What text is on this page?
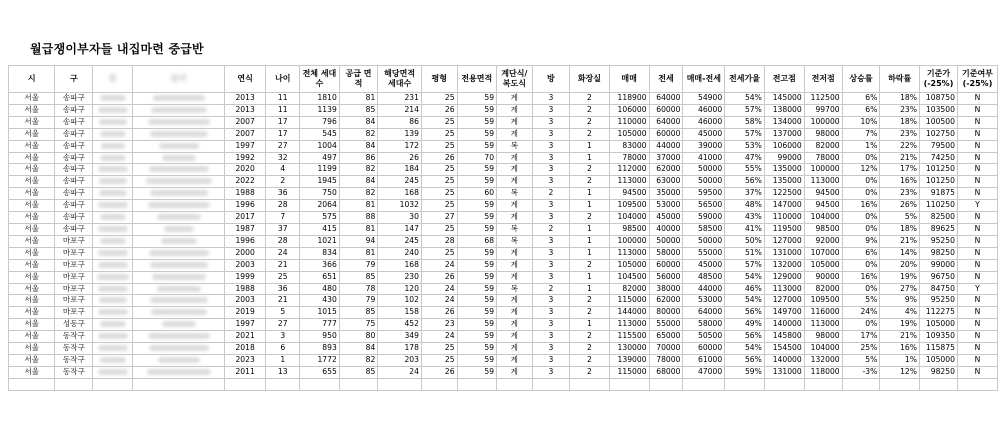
월급쟁이부자들 내집마련 중급반
시	구	동	단지	연식	나이	전체 세대수	공급 면적	해당면적 세대수	평형	전용면적	계단식/ 복도식	방	화장실	매매	전세	매매-전세	전세가율	전고점	전저점	상승률	하락률	기준가 (-25%)	기준여부 (-25%)
서울	송파구			2013	11	1810	81	231	25	59	계	3	2	118900	64000	54900	54%	145000	112500	6%	18%	108750	N
서울	송파구			2013	11	1139	85	214	26	59	계	3	2	106000	60000	46000	57%	138000	99700	6%	23%	103500	N
서울	송파구			2007	17	796	84	86	25	59	계	3	2	110000	64000	46000	58%	134000	100000	10%	18%	100500	N
서울	송파구			2007	17	545	82	139	25	59	계	3	2	105000	60000	45000	57%	137000	98000	7%	23%	102750	N
서울	송파구			1997	27	1004	84	172	25	59	복	3	1	83000	44000	39000	53%	106000	82000	1%	22%	79500	N
서울	송파구			1992	32	497	86	26	26	70	계	3	1	78000	37000	41000	47%	99000	78000	0%	21%	74250	N
서울	송파구			2020	4	1199	82	184	25	59	계	3	2	112000	62000	50000	55%	135000	100000	12%	17%	101250	N
서울	송파구			2022	2	1945	84	245	25	59	계	3	2	113000	63000	50000	56%	135000	113000	0%	16%	101250	N
서울	송파구			1988	36	750	82	168	25	60	복	2	1	94500	35000	59500	37%	122500	94500	0%	23%	91875	N
서울	송파구			1996	28	2064	81	1032	25	59	계	3	1	109500	53000	56500	48%	147000	94500	16%	26%	110250	Y
서울	송파구			2017	7	575	88	30	27	59	계	3	2	104000	45000	59000	43%	110000	104000	0%	5%	82500	N
서울	송파구			1987	37	415	81	147	25	59	복	2	1	98500	40000	58500	41%	119500	98500	0%	18%	89625	N
서울	마포구			1996	28	1021	94	245	28	68	복	3	1	100000	50000	50000	50%	127000	92000	9%	21%	95250	N
서울	마포구			2000	24	834	81	240	25	59	계	3	1	113000	58000	55000	51%	131000	107000	6%	14%	98250	N
서울	마포구			2003	21	366	79	168	24	59	계	3	2	105000	60000	45000	57%	132000	105000	0%	20%	99000	N
서울	마포구			1999	25	651	85	230	26	59	계	3	1	104500	56000	48500	54%	129000	90000	16%	19%	96750	N
서울	마포구			1988	36	480	78	120	24	59	복	2	1	82000	38000	44000	46%	113000	82000	0%	27%	84750	Y
서울	마포구			2003	21	430	79	102	24	59	계	3	2	115000	62000	53000	54%	127000	109500	5%	9%	95250	N
서울	마포구			2019	5	1015	85	158	26	59	계	3	2	144000	80000	64000	56%	149700	116000	24%	4%	112275	N
서울	성동구			1997	27	777	75	452	23	59	계	3	1	113000	55000	58000	49%	140000	113000	0%	19%	105000	N
서울	동작구			2021	3	950	80	349	24	59	계	3	2	115500	65000	50500	56%	145800	98000	17%	21%	109350	N
서울	동작구			2018	6	893	84	178	25	59	계	3	2	130000	70000	60000	54%	154500	104000	25%	16%	115875	N
서울	동작구			2023	1	1772	82	203	25	59	계	3	2	139000	78000	61000	56%	140000	132000	5%	1%	105000	N
서울	동작구			2011	13	655	85	24	26	59	계	3	2	115000	68000	47000	59%	131000	118000	-3%	12%	98250	N
